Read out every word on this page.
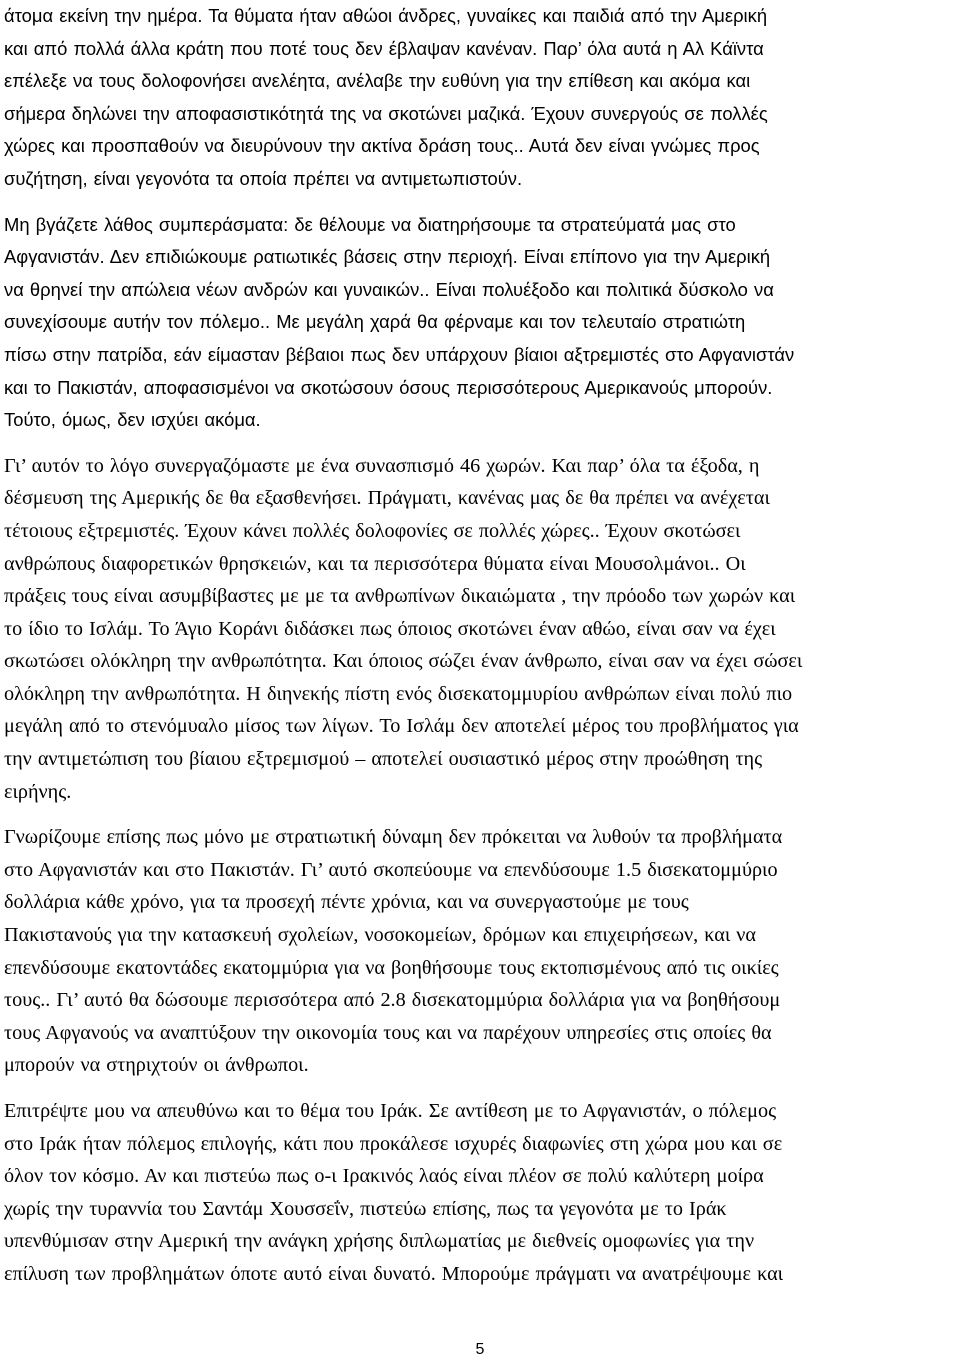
άτομα εκείνη την ημέρα. Τα θύματα ήταν αθώοι άνδρες, γυναίκες και παιδιά από την Αμερική
και από πολλά άλλα κράτη που ποτέ τους δεν έβλαψαν κανέναν. Παρ’ όλα αυτά η Αλ Κάϊντα
επέλεξε να τους δολοφονήσει ανελέητα, ανέλαβε την ευθύνη για την επίθεση και ακόμα και
σήμερα δηλώνει την αποφασιστικότητά της να σκοτώνει μαζικά. Έχουν συνεργούς σε πολλές
χώρες και προσπαθούν να διευρύνουν την ακτίνα δράση τους.. Αυτά δεν είναι γνώμες προς
συζήτηση, είναι γεγονότα τα οποία πρέπει να αντιμετωπιστούν.
Μη βγάζετε λάθος συμπεράσματα: δε θέλουμε να διατηρήσουμε τα στρατεύματά μας στο
Αφγανιστάν. Δεν επιδιώκουμε ρατιωτικές βάσεις στην περιοχή. Είναι επίπονο για την Αμερική
να θρηνεί την απώλεια νέων ανδρών και γυναικών.. Είναι πολυέξοδο και πολιτικά δύσκολο να
συνεχίσουμε αυτήν τον πόλεμο.. Με μεγάλη χαρά θα φέρναμε και τον τελευταίο στρατιώτη
πίσω στην πατρίδα, εάν είμασταν βέβαιοι πως δεν υπάρχουν βίαιοι αξτρεμιστές στο Αφγανιστάν
και το Πακιστάν, αποφασισμένοι να σκοτώσουν όσους περισσότερους Αμερικανούς μπορούν.
Τούτο, όμως, δεν ισχύει ακόμα.
Γι’ αυτόν το λόγο συνεργαζόμαστε με ένα συνασπισμό 46 χωρών. Και παρ’ όλα τα έξοδα, η
δέσμευση της Αμερικής δε θα εξασθενήσει. Πράγματι, κανένας μας δε θα πρέπει να ανέχεται
τέτοιους εξτρεμιστές. Έχουν κάνει πολλές δολοφονίες σε πολλές χώρες.. Έχουν σκοτώσει
ανθρώπους διαφορετικών θρησκειών, και τα περισσότερα θύματα είναι Μουσολμάνοι.. Οι
πράξεις τους είναι ασυμβίβαστες με με τα ανθρωπίνων δικαιώματα , την πρόοδο των χωρών και
το ίδιο το Ισλάμ. Το Άγιο Κοράνι διδάσκει πως όποιος σκοτώνει έναν αθώο, είναι σαν να έχει
σκωτώσει ολόκληρη την ανθρωπότητα. Και όποιος σώζει έναν άνθρωπο, είναι σαν να έχει σώσει
ολόκληρη την ανθρωπότητα. Η διηνεκής πίστη ενός δισεκατομμυρίου ανθρώπων είναι πολύ πιο
μεγάλη από το στενόμυαλο μίσος των λίγων. Το Ισλάμ δεν αποτελεί μέρος του προβλήματος για
την αντιμετώπιση του βίαιου εξτρεμισμού – αποτελεί ουσιαστικό μέρος στην προώθηση της
ειρήνης.
Γνωρίζουμε επίσης πως μόνο με στρατιωτική δύναμη δεν πρόκειται να λυθούν τα προβλήματα
στο Αφγανιστάν και στο Πακιστάν. Γι’ αυτό σκοπεύουμε να επενδύσουμε 1.5 δισεκατομμύριο
δολλάρια κάθε χρόνο, για τα προσεχή πέντε χρόνια, και να συνεργαστούμε με τους
Πακιστανούς για την κατασκευή σχολείων, νοσοκομείων, δρόμων και επιχειρήσεων, και να
επενδύσουμε εκατοντάδες εκατομμύρια για να βοηθήσουμε τους εκτοπισμένους από τις οικίες
τους.. Γι’ αυτό θα δώσουμε περισσότερα από 2.8 δισεκατομμύρια δολλάρια για να βοηθήσουμ
τους Αφγανούς να αναπτύξουν την οικονομία τους και να παρέχουν υπηρεσίες στις οποίες θα
μπορούν να στηριχτούν οι άνθρωποι.
Επιτρέψτε μου να απευθύνω και το θέμα του Ιράκ. Σε αντίθεση με το Αφγανιστάν, ο πόλεμος
στο Ιράκ ήταν πόλεμος επιλογής, κάτι που προκάλεσε ισχυρές διαφωνίες στη χώρα μου και σε
όλον τον κόσμο. Αν και πιστεύω πως ο-ι Ιρακινός λαός είναι πλέον σε πολύ καλύτερη μοίρα
χωρίς την τυραννία του Σαντάμ Χουσσεΐν, πιστεύω επίσης, πως τα γεγονότα με το Ιράκ
υπενθύμισαν στην Αμερική την ανάγκη χρήσης διπλωματίας με διεθνείς ομοφωνίες για την
επίλυση των προβλημάτων όποτε αυτό είναι δυνατό. Μπορούμε πράγματι να ανατρέψουμε και
5
